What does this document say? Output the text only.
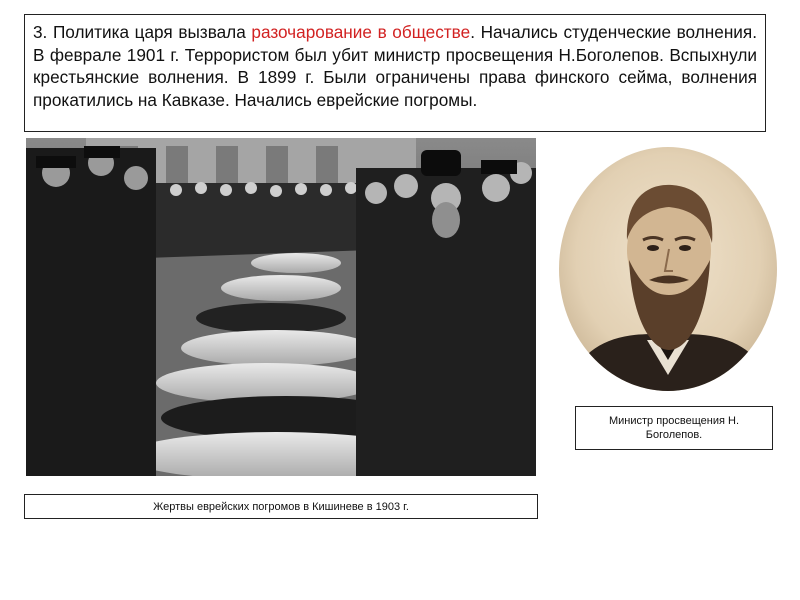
3. Политика царя вызвала разочарование в обществе. Начались студенческие волнения. В феврале 1901 г. Террористом был убит министр просвещения Н.Боголепов. Вспыхнули крестьянские волнения. В 1899 г. Были ограничены права финского сейма, волнения прокатились на Кавказе. Начались еврейские погромы.
Жертвы еврейских погромов в Кишиневе в 1903 г.
Министр просвещения Н. Боголепов.
